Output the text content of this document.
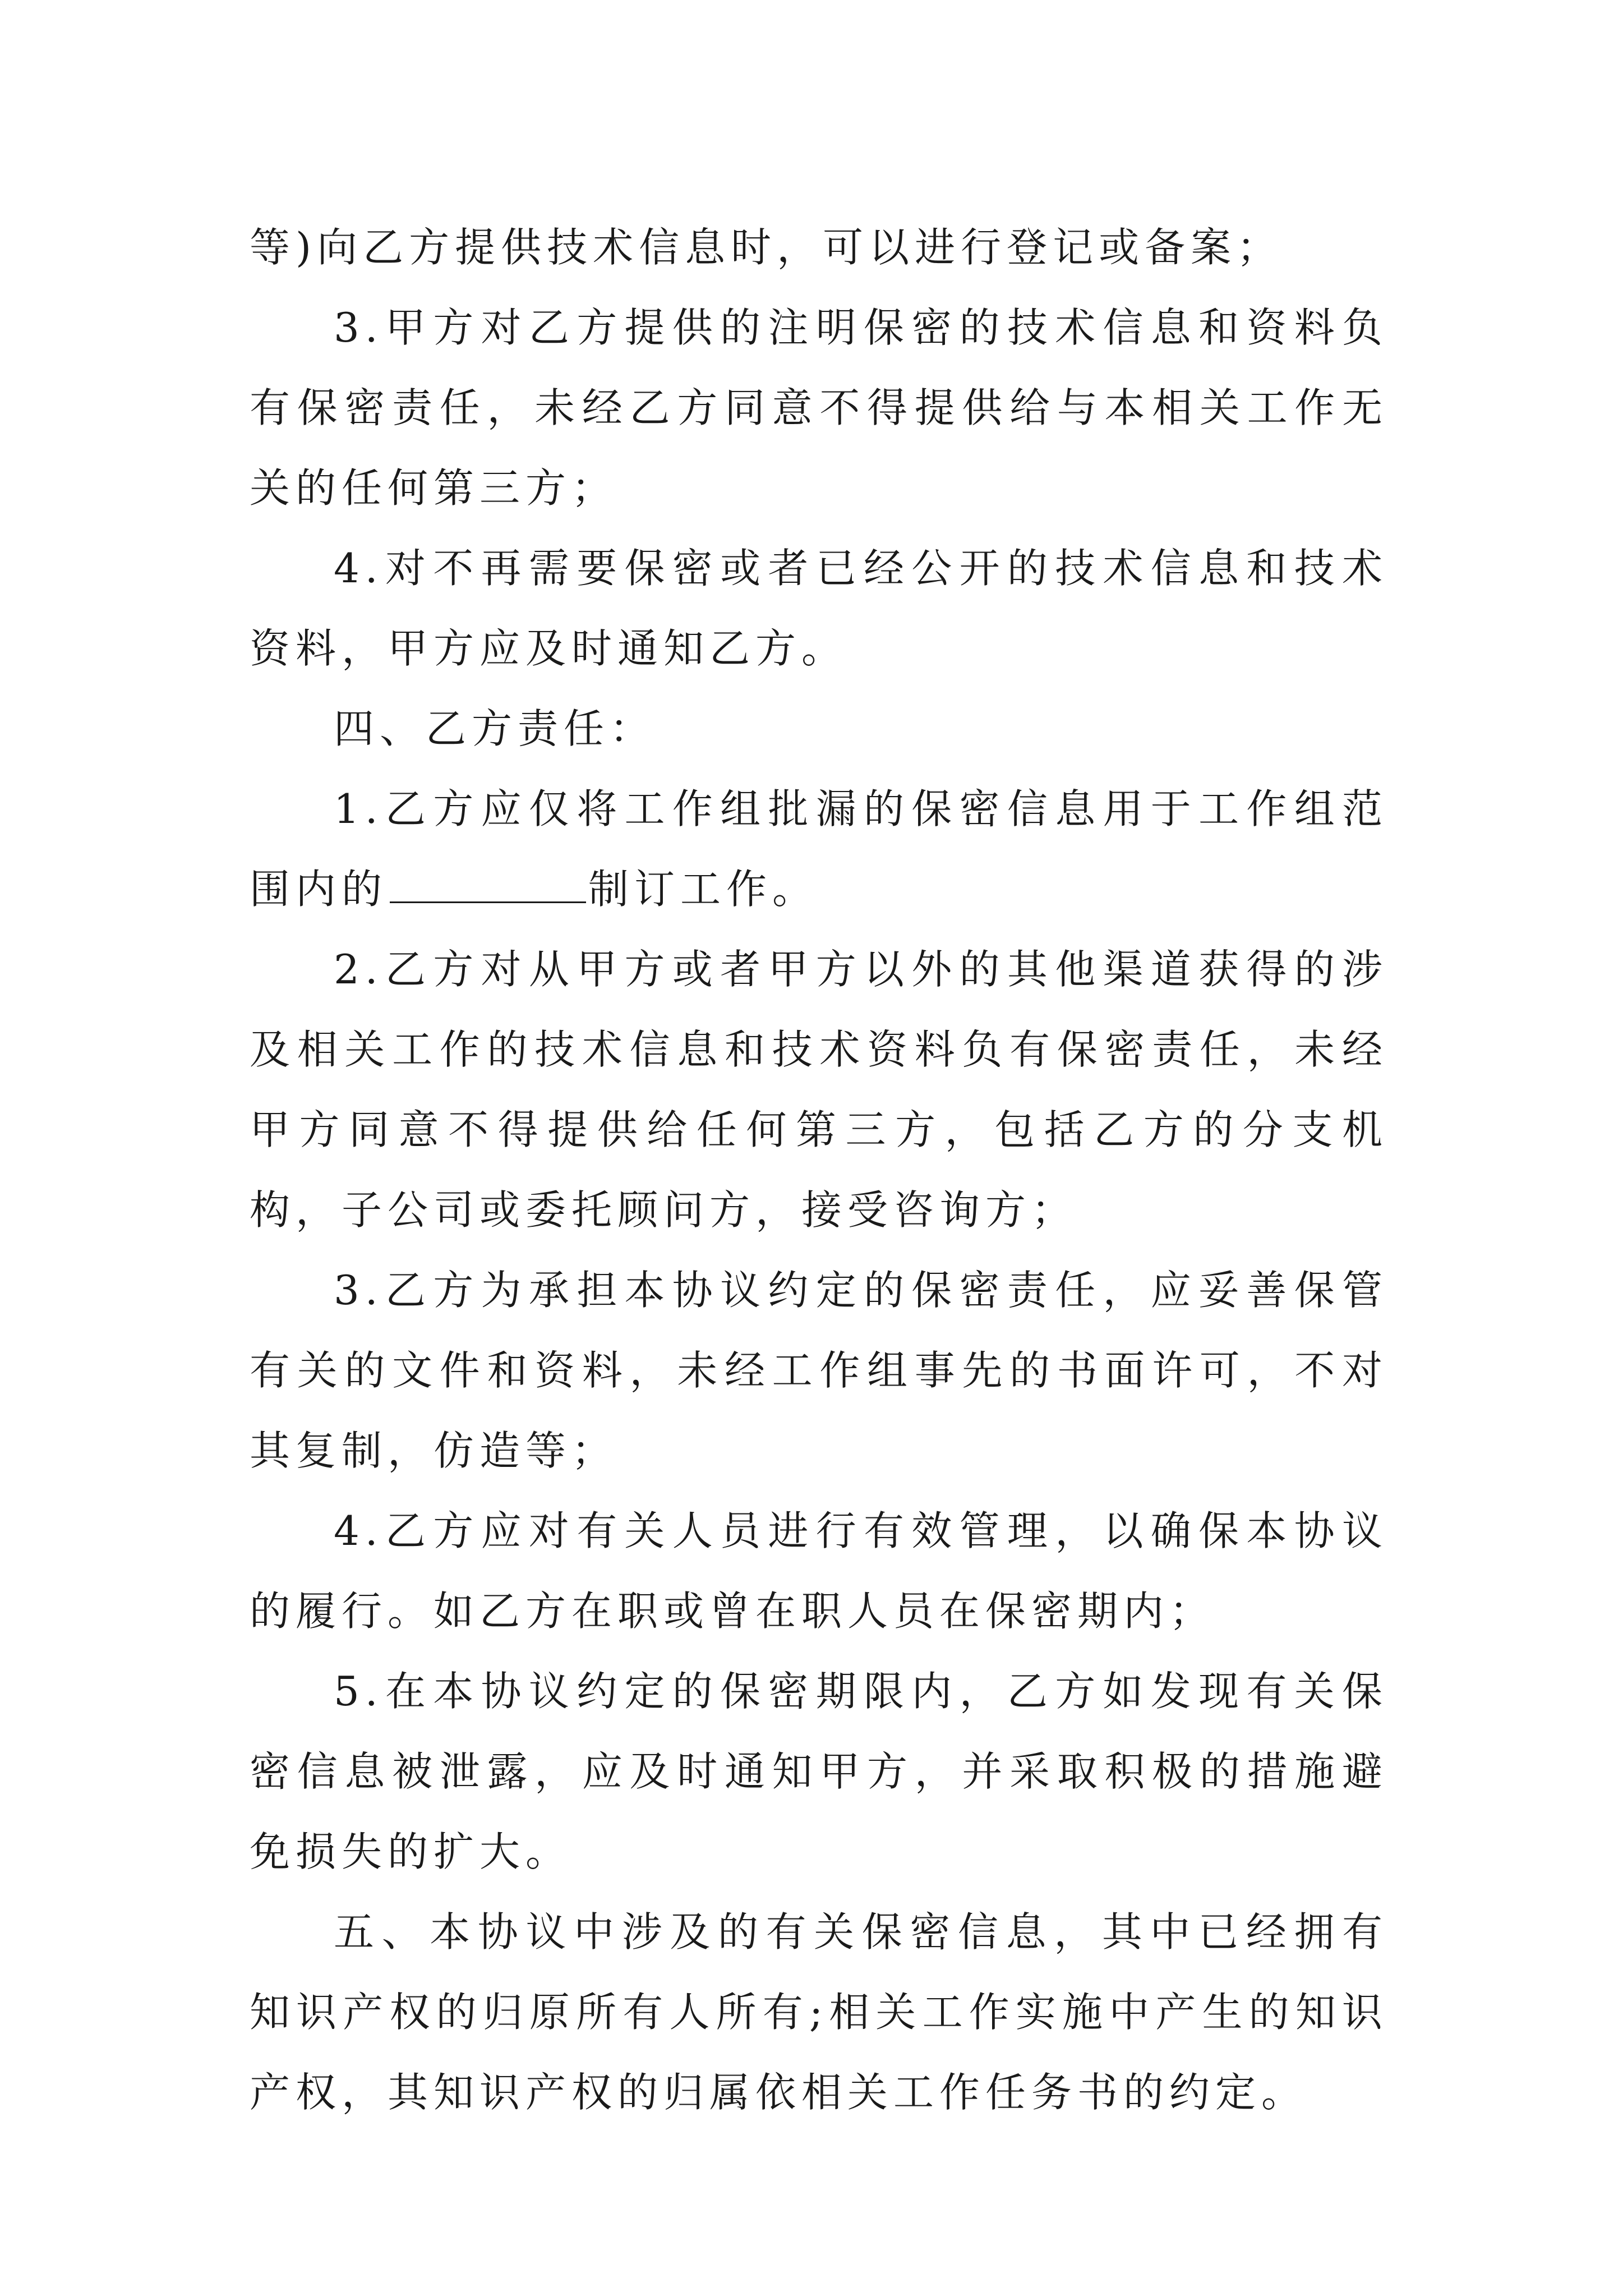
等)向乙方提供技术信息时，可以进行登记或备案；

3.甲方对乙方提供的注明保密的技术信息和资料负有保密责任，未经乙方同意不得提供给与本相关工作无关的任何第三方；

4.对不再需要保密或者已经公开的技术信息和技术资料，甲方应及时通知乙方。

四、乙方责任：

1.乙方应仅将工作组批漏的保密信息用于工作组范围内的	制订工作。

2.乙方对从甲方或者甲方以外的其他渠道获得的涉及相关工作的技术信息和技术资料负有保密责任，未经甲方同意不得提供给任何第三方，包括乙方的分支机构，子公司或委托顾问方，接受咨询方；

3.乙方为承担本协议约定的保密责任，应妥善保管有关的文件和资料，未经工作组事先的书面许可，不对其复制，仿造等；

4.乙方应对有关人员进行有效管理，以确保本协议的履行。如乙方在职或曾在职人员在保密期内；

5.在本协议约定的保密期限内，乙方如发现有关保密信息被泄露，应及时通知甲方，并采取积极的措施避免损失的扩大。

五、本协议中涉及的有关保密信息，其中已经拥有知识产权的归原所有人所有;相关工作实施中产生的知识产权，其知识产权的归属依相关工作任务书的约定。
